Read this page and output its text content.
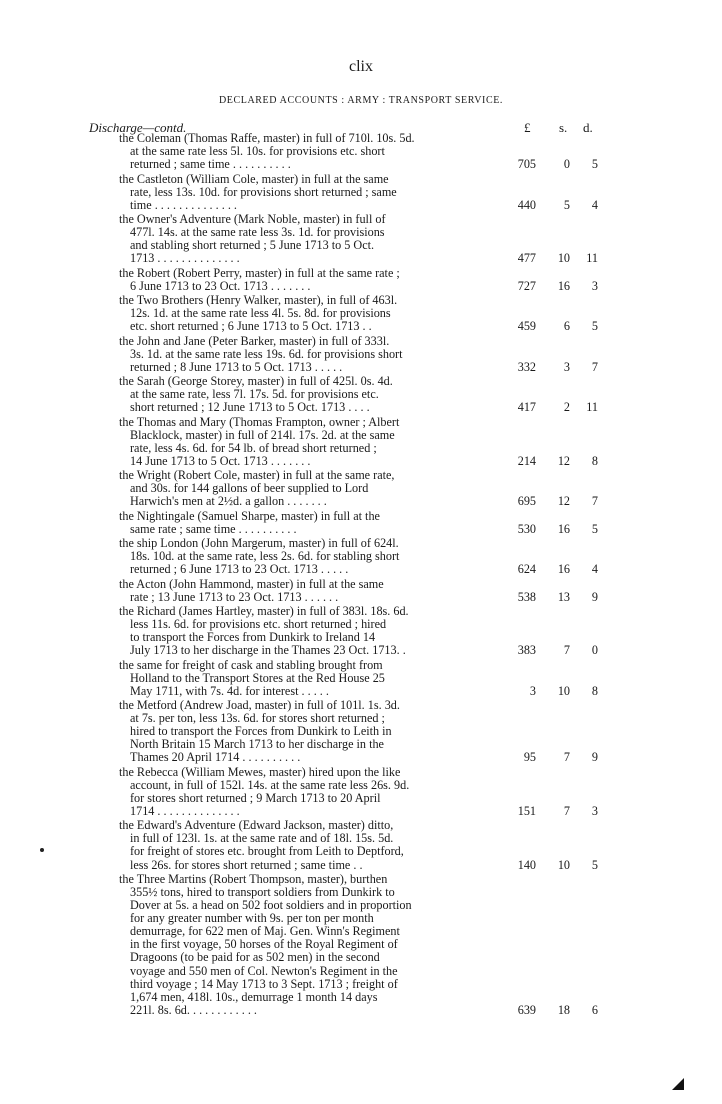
clix
DECLARED ACCOUNTS : ARMY : TRANSPORT SERVICE.
Discharge—contd.	£ s. d.
the Coleman (Thomas Raffe, master) in full of 710l. 10s. 5d.
at the same rate less 5l. 10s. for provisions etc. short
returned ; same time . . . . . . . . . .	705	0	5
the Castleton (William Cole, master) in full at the same
rate, less 13s. 10d. for provisions short returned ; same
time . . . . . . . . . . . . . .	440	5	4
the Owner's Adventure (Mark Noble, master) in full of
477l. 14s. at the same rate less 3s. 1d. for provisions
and stabling short returned ; 5 June 1713 to 5 Oct.
1713 . . . . . . . . . . . . . .	477	10	11
the Robert (Robert Perry, master) in full at the same rate ;
6 June 1713 to 23 Oct. 1713 . . . . . . .	727	16	3
the Two Brothers (Henry Walker, master), in full of 463l.
12s. 1d. at the same rate less 4l. 5s. 8d. for provisions
etc. short returned ; 6 June 1713 to 5 Oct. 1713 . .	459	6	5
the John and Jane (Peter Barker, master) in full of 333l.
3s. 1d. at the same rate less 19s. 6d. for provisions short
returned ; 8 June 1713 to 5 Oct. 1713 . . . . .	332	3	7
the Sarah (George Storey, master) in full of 425l. 0s. 4d.
at the same rate, less 7l. 17s. 5d. for provisions etc.
short returned ; 12 June 1713 to 5 Oct. 1713 . . . .	417	2	11
the Thomas and Mary (Thomas Frampton, owner ; Albert
Blacklock, master) in full of 214l. 17s. 2d. at the same
rate, less 4s. 6d. for 54 lb. of bread short returned ;
14 June 1713 to 5 Oct. 1713 . . . . . . .	214	12	8
the Wright (Robert Cole, master) in full at the same rate,
and 30s. for 144 gallons of beer supplied to Lord
Harwich's men at 2½d. a gallon . . . . . . .	695	12	7
the Nightingale (Samuel Sharpe, master) in full at the
same rate ; same time . . . . . . . . . .	530	16	5
the ship London (John Margerum, master) in full of 624l.
18s. 10d. at the same rate, less 2s. 6d. for stabling short
returned ; 6 June 1713 to 23 Oct. 1713 . . . . .	624	16	4
the Acton (John Hammond, master) in full at the same
rate ; 13 June 1713 to 23 Oct. 1713 . . . . . .	538	13	9
the Richard (James Hartley, master) in full of 383l. 18s. 6d.
less 11s. 6d. for provisions etc. short returned ; hired
to transport the Forces from Dunkirk to Ireland 14
July 1713 to her discharge in the Thames 23 Oct. 1713. .	383	7	0
the same for freight of cask and stabling brought from
Holland to the Transport Stores at the Red House 25
May 1711, with 7s. 4d. for interest . . . . .	3	10	8
the Metford (Andrew Joad, master) in full of 101l. 1s. 3d.
at 7s. per ton, less 13s. 6d. for stores short returned ;
hired to transport the Forces from Dunkirk to Leith in
North Britain 15 March 1713 to her discharge in the
Thames 20 April 1714 . . . . . . . . . .	95	7	9
the Rebecca (William Mewes, master) hired upon the like
account, in full of 152l. 14s. at the same rate less 26s. 9d.
for stores short returned ; 9 March 1713 to 20 April
1714 . . . . . . . . . . . . . .	151	7	3
the Edward's Adventure (Edward Jackson, master) ditto,
in full of 123l. 1s. at the same rate and of 18l. 15s. 5d.
for freight of stores etc. brought from Leith to Deptford,
less 26s. for stores short returned ; same time . .	140	10	5
the Three Martins (Robert Thompson, master), burthen
355½ tons, hired to transport soldiers from Dunkirk to
Dover at 5s. a head on 502 foot soldiers and in proportion
for any greater number with 9s. per ton per month
demurrage, for 622 men of Maj. Gen. Winn's Regiment
in the first voyage, 50 horses of the Royal Regiment of
Dragoons (to be paid for as 502 men) in the second
voyage and 550 men of Col. Newton's Regiment in the
third voyage ; 14 May 1713 to 3 Sept. 1713 ; freight of
1,674 men, 418l. 10s., demurrage 1 month 14 days
221l. 8s. 6d. . . . . . . . . . . .	639	18	6
